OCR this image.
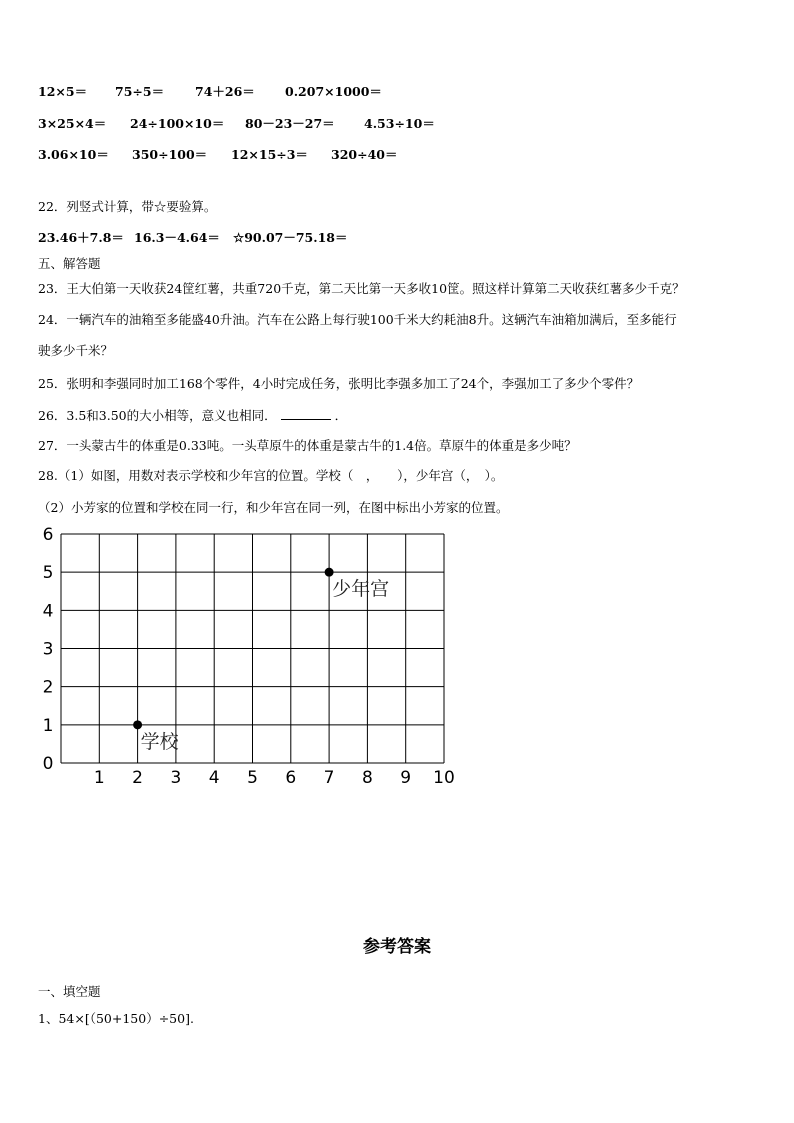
12×5＝ 75÷5＝ 74＋26＝ 0.207×1000＝
3×25×4＝ 24÷100×10＝ 80－23－27＝ 4.53÷10＝
3.06×10＝ 350÷100＝ 12×15÷3＝ 320÷40＝
22．列竖式计算，带☆要验算。
23.46＋7.8＝ 16.3－4.64＝ ☆90.07－75.18＝
五、解答题
23．王大伯第一天收获24筐红薯，共重720千克，第二天比第一天多收10筐。照这样计算第二天收获红薯多少千克？
24．一辆汽车的油箱至多能盛40升油。汽车在公路上每行驶100千米大约耗油8升。这辆汽车油箱加满后，至多能行
驶多少千米？
25．张明和李强同时加工168个零件，4小时完成任务，张明比李强多加工了24个，李强加工了多少个零件？
26．3.5和3.50的大小相等，意义也相同．	．
27．一头蒙古牛的体重是0.33吨。一头草原牛的体重是蒙古牛的1.4倍。草原牛的体重是多少吨？
28.（1）如图，用数对表示学校和少年宫的位置。学校（　，　　），少年宫（，　）。
（2）小芳家的位置和学校在同一行，和少年宫在同一列，在图中标出小芳家的位置。
1 2 3 4 5 6 7 8 9 10
0
1
2
3
4
5
6
学校
少年宫
参考答案
一、填空题
1、54×[（50+150）÷50].
